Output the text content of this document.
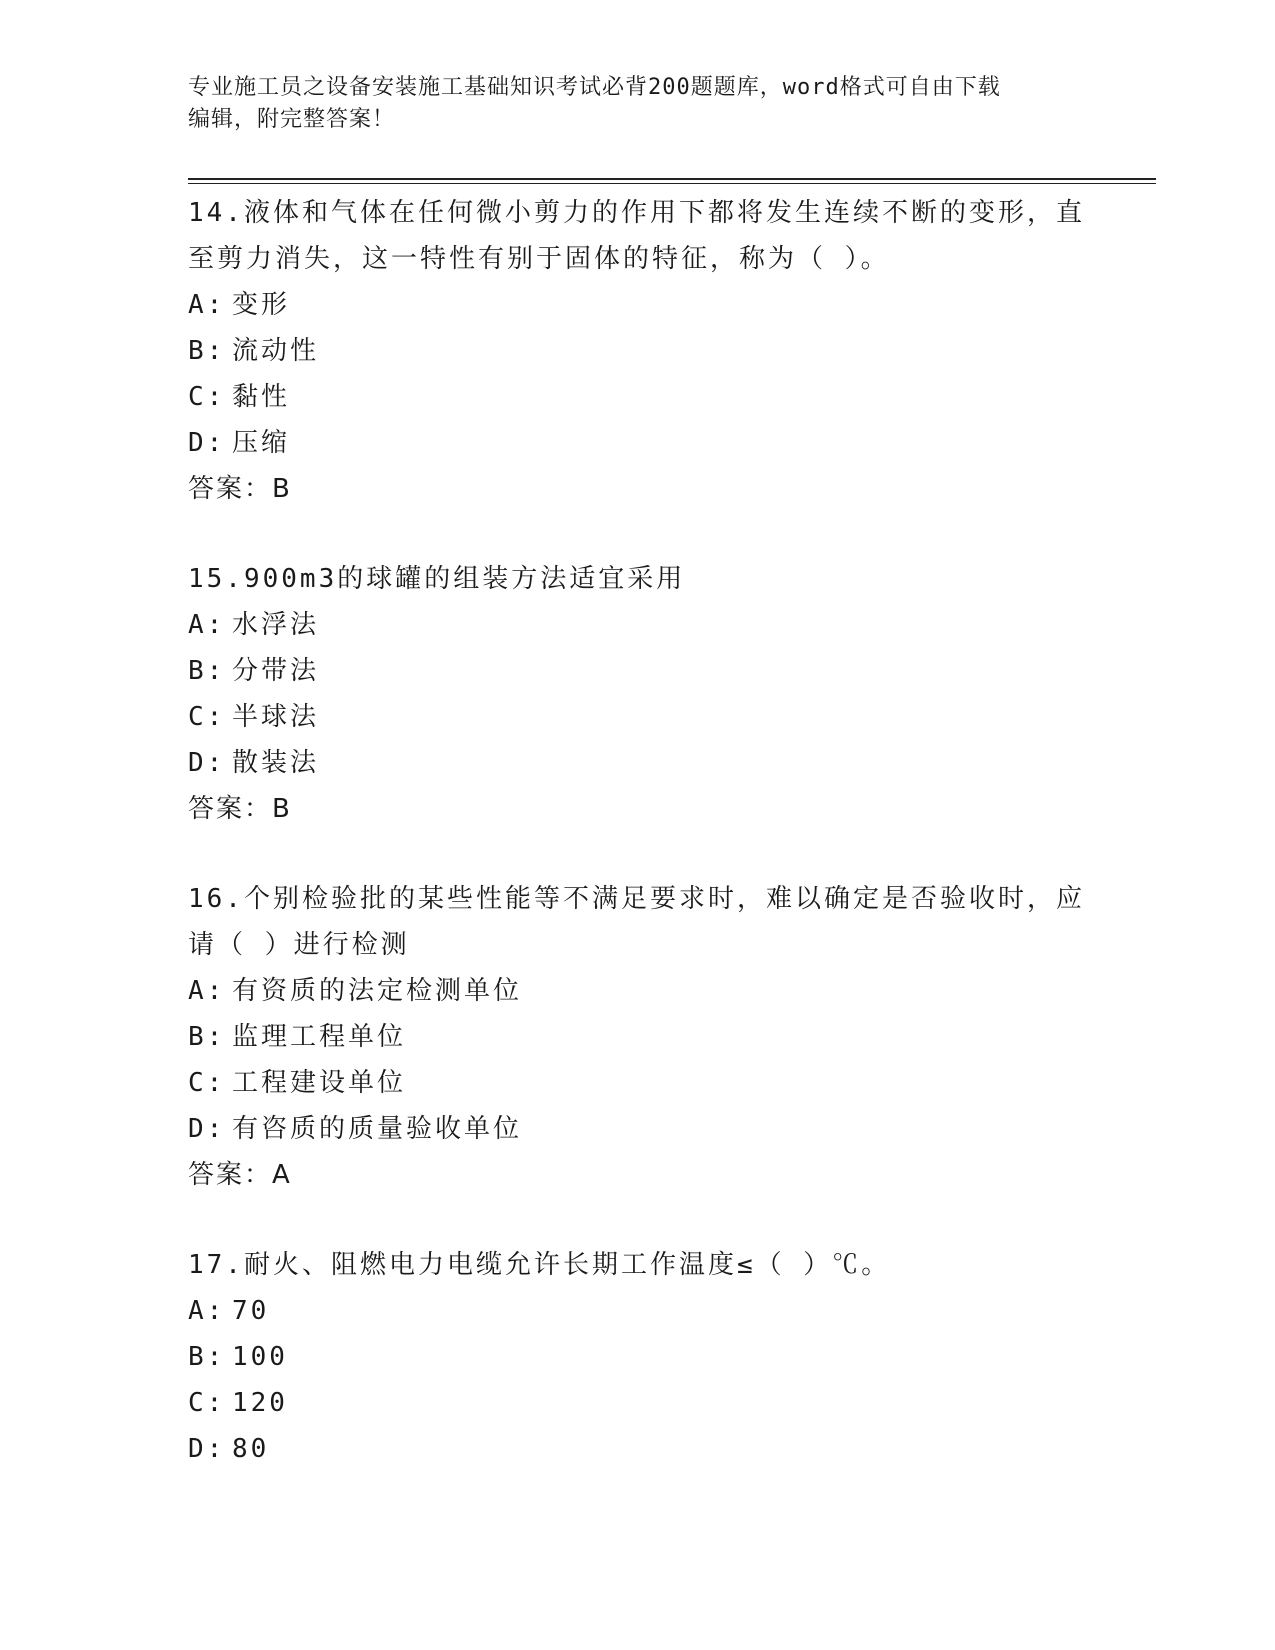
专业施工员之设备安装施工基础知识考试必背200题题库，word格式可自由下载
编辑，附完整答案！

14.液体和气体在任何微小剪力的作用下都将发生连续不断的变形，直

至剪力消失，这一特性有别于固体的特征，称为（ ）。

A: 变形

B: 流动性

C: 黏性

D: 压缩

答案：B

15.900m3的球罐的组装方法适宜采用

A: 水浮法

B: 分带法

C: 半球法

D: 散装法

答案：B

16.个别检验批的某些性能等不满足要求时，难以确定是否验收时，应

请（ ）进行检测

A: 有资质的法定检测单位

B: 监理工程单位

C: 工程建设单位

D: 有咨质的质量验收单位

答案：A

17.耐火、阻燃电力电缆允许长期工作温度≤（ ）℃。

A: 70

B: 100

C: 120

D: 80
